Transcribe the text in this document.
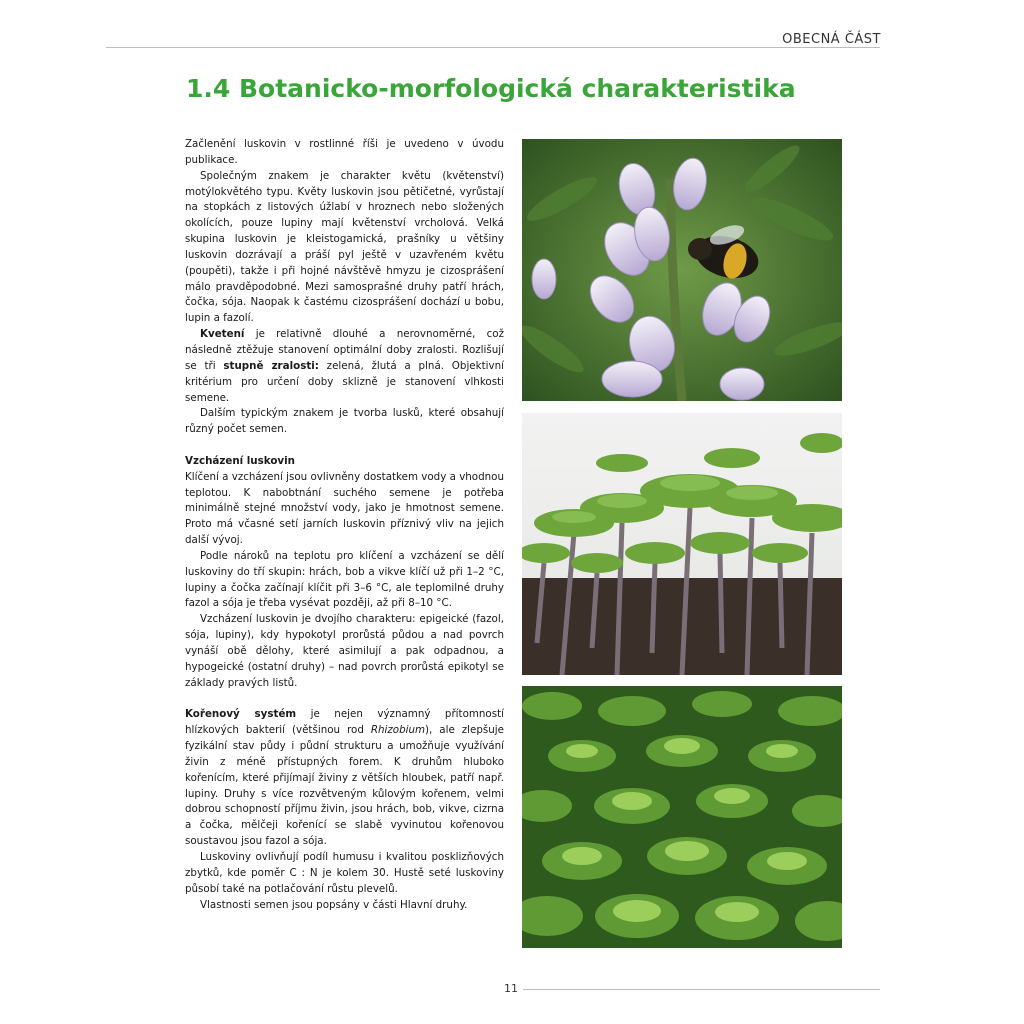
OBECNÁ ČÁST
1.4 Botanicko-morfologická charakteristika

Začlenění luskovin v rostlinné říši je uvedeno v úvodu publikace.

Společným znakem je charakter květu (květenství) motýlokvětého typu. Květy luskovin jsou pětičetné, vyrůstají na stopkách z listových úžlabí v hroznech nebo složených okolících, pouze lupiny mají květenství vrcholová. Velká skupina luskovin je kleistogamická, prašníky u většiny luskovin dozrávají a práší pyl ještě v uzavřeném květu (poupěti), takže i při hojné návštěvě hmyzu je cizosprášení málo pravděpodobné. Mezi samosprašné druhy patří hrách, čočka, sója. Naopak k častému cizosprášení dochází u bobu, lupin a fazolí.

Kvetení je relativně dlouhé a nerovnoměrné, což následně ztěžuje stanovení optimální doby zralosti. Rozlišují se tři stupně zralosti: zelená, žlutá a plná. Objektivní kritérium pro určení doby sklizně je stanovení vlhkosti semene.

Dalším typickým znakem je tvorba lusků, které obsahují různý počet semen.

Vzcházení luskovin

Klíčení a vzcházení jsou ovlivněny dostatkem vody a vhodnou teplotou. K nabobtnání suchého semene je potřeba minimálně stejné množství vody, jako je hmotnost semene. Proto má včasné setí jarních luskovin příznivý vliv na jejich další vývoj.

Podle nároků na teplotu pro klíčení a vzcházení se dělí luskoviny do tří skupin: hrách, bob a vikve klíčí už při 1–2 °C, lupiny a čočka začínají klíčit při 3–6 °C, ale teplomilné druhy fazol a sója je třeba vysévat později, až při 8–10 °C.

Vzcházení luskovin je dvojího charakteru: epigeické (fazol, sója, lupiny), kdy hypokotyl prorůstá půdou a nad povrch vynáší obě dělohy, které asimilují a pak odpadnou, a hypogeické (ostatní druhy) – nad povrch prorůstá epikotyl se základy pravých listů.

Kořenový systém je nejen významný přítomností hlízkových bakterií (většinou rod Rhizobium), ale zlepšuje fyzikální stav půdy i půdní strukturu a umožňuje využívání živin z méně přístupných forem. K druhům hluboko kořenícím, které přijímají živiny z větších hloubek, patří např. lupiny. Druhy s více rozvětveným kůlovým kořenem, velmi dobrou schopností příjmu živin, jsou hrách, bob, vikve, cizrna a čočka, mělčeji kořenící se slabě vyvinutou kořenovou soustavou jsou fazol a sója.

Luskoviny ovlivňují podíl humusu i kvalitou posklizňových zbytků, kde poměr C : N je kolem 30. Hustě seté luskoviny působí také na potlačování růstu plevelů.

Vlastnosti semen jsou popsány v části Hlavní druhy.

11
